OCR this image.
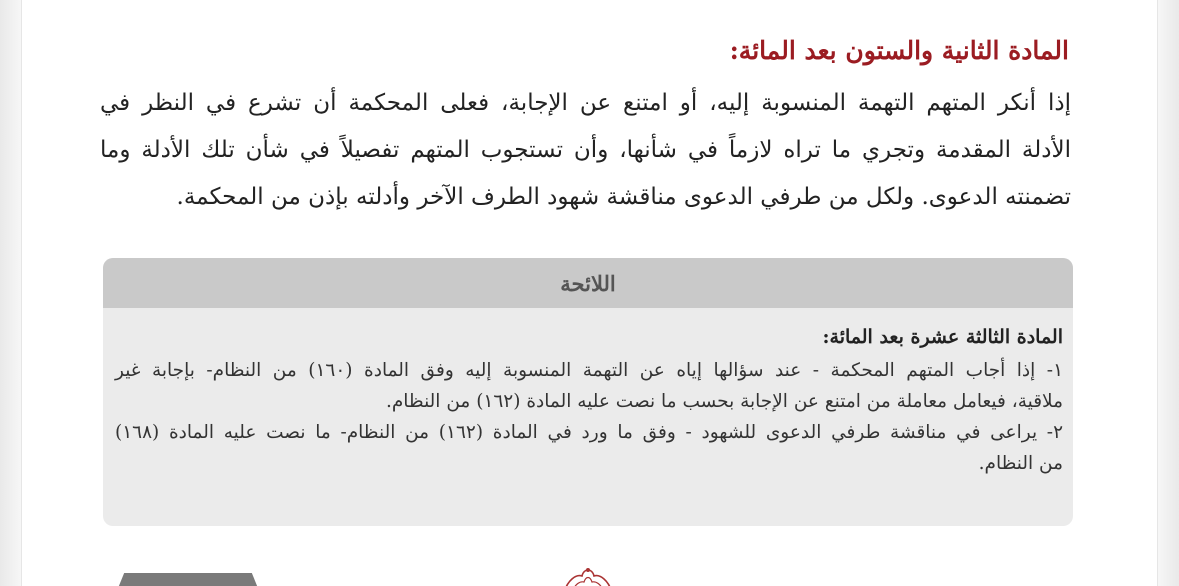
المادة الثانية والستون بعد المائة:
إذا أنكر المتهم التهمة المنسوبة إليه، أو امتنع عن الإجابة، فعلى المحكمة أن تشرع في النظر في
الأدلة المقدمة وتجري ما تراه لازماً في شأنها، وأن تستجوب المتهم تفصيلاً في شأن تلك الأدلة وما
تضمنته الدعوى. ولكل من طرفي الدعوى مناقشة شهود الطرف الآخر وأدلته بإذن من المحكمة.
اللائحة
المادة الثالثة عشرة بعد المائة:
١- إذا أجاب المتهم المحكمة - عند سؤالها إياه عن التهمة المنسوبة إليه وفق المادة (١٦٠) من النظام- بإجابة غير
ملاقية، فيعامل معاملة من امتنع عن الإجابة بحسب ما نصت عليه المادة (١٦٢) من النظام.
٢- يراعى في مناقشة طرفي الدعوى للشهود - وفق ما ورد في المادة (١٦٢) من النظام- ما نصت عليه المادة (١٦٨)
من النظام.
